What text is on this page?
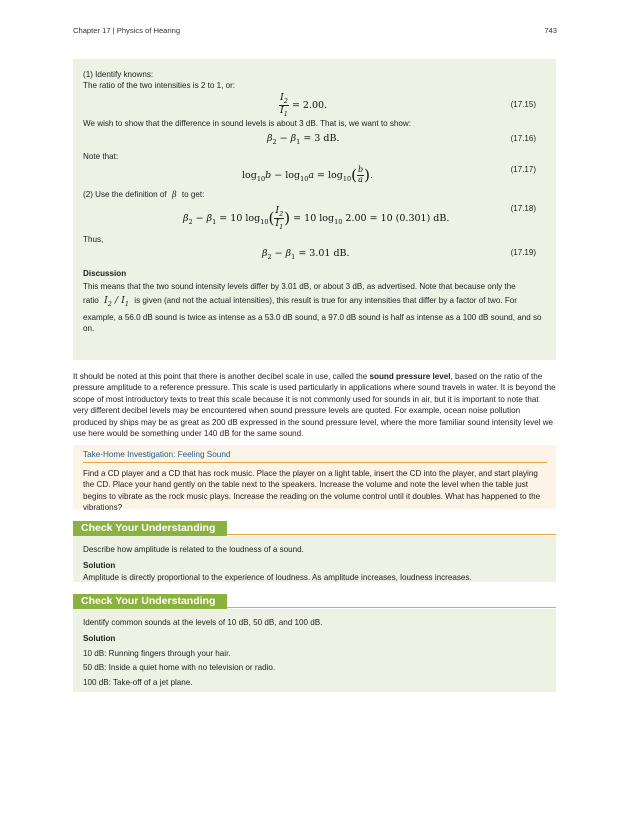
Chapter 17 | Physics of Hearing	743

(1) Identify knowns:

The ratio of the two intensities is 2 to 1, or:

$\frac{I_2}{I_1} = 2.00$.	(17.15)

We wish to show that the difference in sound levels is about 3 dB. That is, we want to show:

$\beta_2 - \beta_1 = 3$ dB.	(17.16)

Note that:

$\log_{10}b - \log_{10}a = \log_{10}( \frac{b}{a}$ ).
(17.17)

(2) Use the definition of β to get:

$\beta_2 - \beta_1 = 10$ $\log_{10}( \frac{I_2}{I_1}$ ) = 10 $\log_{10} 2.00 = 10$ (0.301) dB.
(17.18)

Thus,

$\beta_2 - \beta_1 = 3.01$ dB.	(17.19)

Discussion

This means that the two sound intensity levels differ by 3.01 dB, or about 3 dB, as advertised. Note that because only the

ratio $I_2 / I_1$ is given (and not the actual intensities), this result is true for any intensities that differ by a factor of two. For

example, a 56.0 dB sound is twice as intense as a 53.0 dB sound, a 97.0 dB sound is half as intense as a 100 dB sound, and so on.

It should be noted at this point that there is another decibel scale in use, called the sound pressure level, based on the ratio of the pressure amplitude to a reference pressure. This scale is used particularly in applications where sound travels in water. It is beyond the scope of most introductory texts to treat this scale because it is not commonly used for sounds in air, but it is important to note that very different decibel levels may be encountered when sound pressure levels are quoted. For example, ocean noise pollution produced by ships may be as great as 200 dB expressed in the sound pressure level, where the more familiar sound intensity level we use here would be something under 140 dB for the same sound.
Take-Home Investigation: Feeling Sound

Find a CD player and a CD that has rock music. Place the player on a light table, insert the CD into the player, and start playing the CD. Place your hand gently on the table next to the speakers. Increase the volume and note the level when the table just begins to vibrate as the rock music plays. Increase the reading on the volume control until it doubles. What has happened to the vibrations?

Check Your Understanding

Describe how amplitude is related to the loudness of a sound.

Solution

Amplitude is directly proportional to the experience of loudness. As amplitude increases, loudness increases.

Check Your Understanding

Identify common sounds at the levels of 10 dB, 50 dB, and 100 dB.

Solution

10 dB: Running fingers through your hair.

50 dB: Inside a quiet home with no television or radio.

100 dB: Take-off of a jet plane.
